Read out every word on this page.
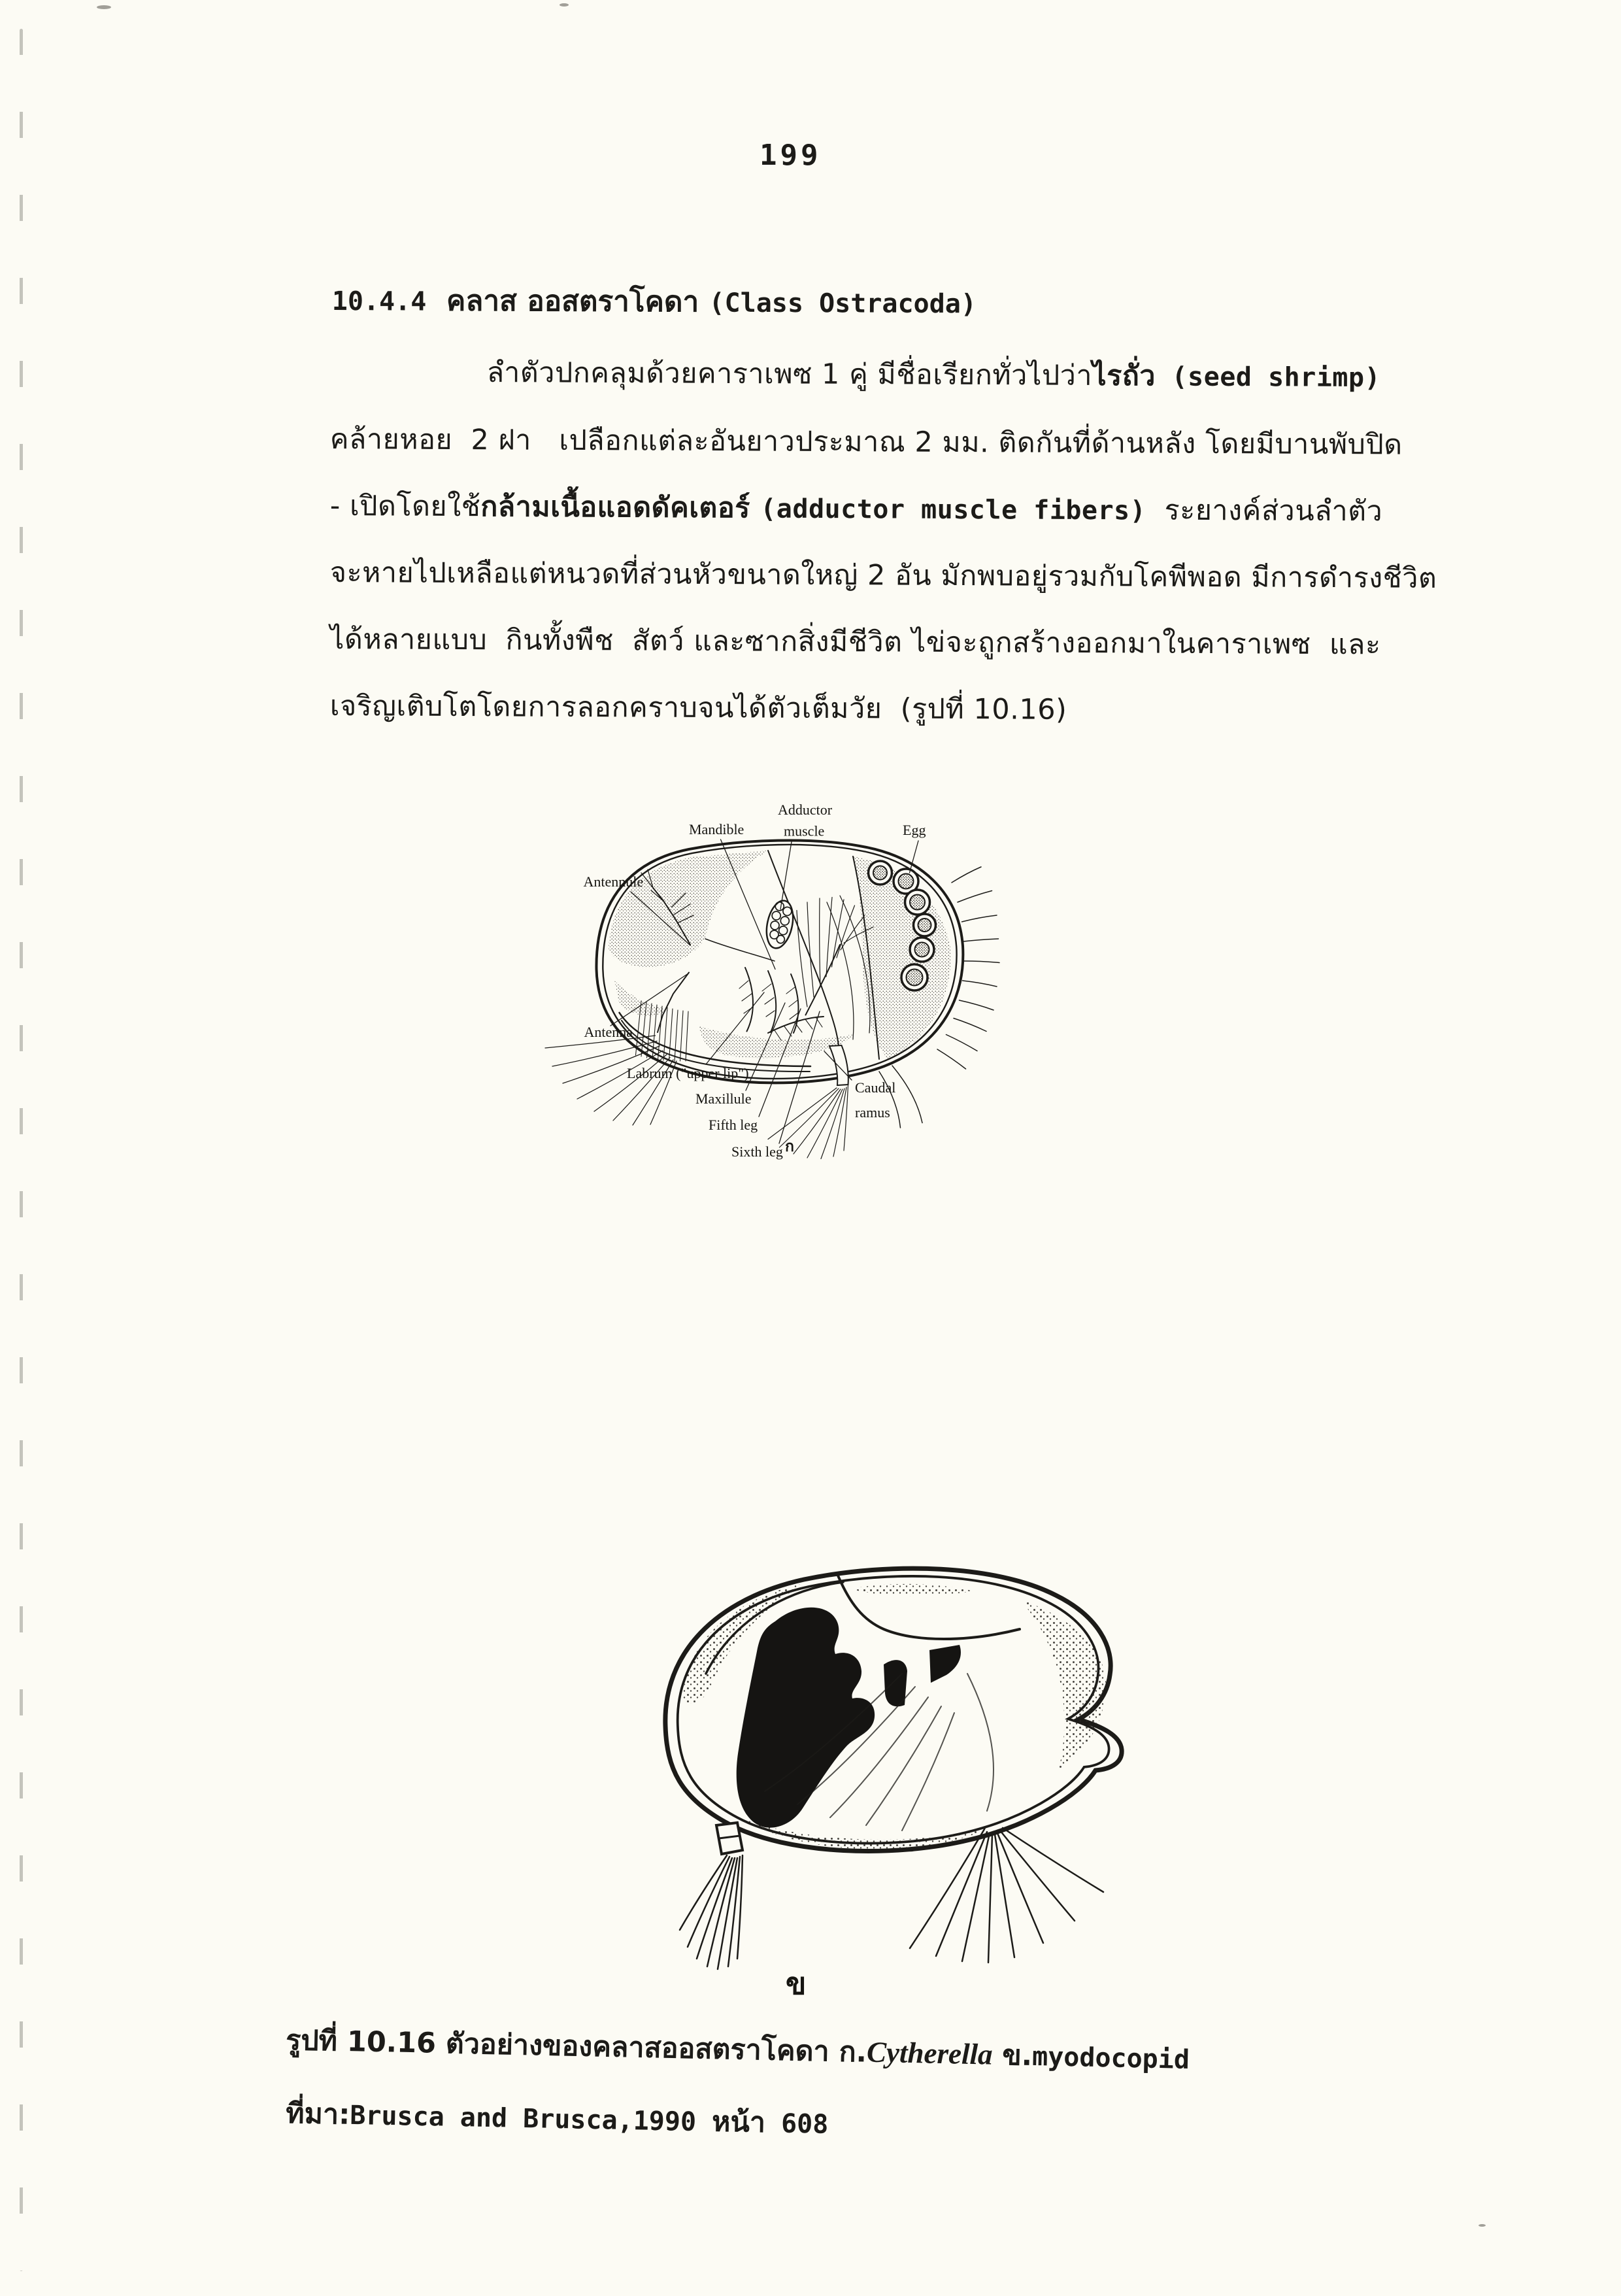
199
10.4.4  คลาส ออสตราโคดา (Class Ostracoda)
ลำตัวปกคลุมด้วยคาราเพซ 1 คู่ มีชื่อเรียกทั่วไปว่าไรถั่ว (seed shrimp)
คล้ายหอย  2 ฝา   เปลือกแต่ละอันยาวประมาณ 2 มม. ติดกันที่ด้านหลัง โดยมีบานพับปิด
- เปิดโดยใช้กล้ามเนื้อแอดดัคเตอร์ (adductor muscle fibers)  ระยางค์ส่วนลำตัว
จะหายไปเหลือแต่หนวดที่ส่วนหัวขนาดใหญ่ 2 อัน มักพบอยู่รวมกับโคพีพอด มีการดำรงชีวิต
ได้หลายแบบ  กินทั้งพืช  สัตว์ และซากสิ่งมีชีวิต ไข่จะถูกสร้างออกมาในคาราเพซ  และ
เจริญเติบโตโดยการลอกคราบจนได้ตัวเต็มวัย  (รูปที่ 10.16)
Antennule
Antenna
Mandible
Adductor
muscle	Egg
Labrum ("upper lip")
Maxillule
Fifth leg
Sixth leg
Caudal
ramus
ก
ข
รูปที่ 10.16 ตัวอย่างของคลาสออสตราโคดา ก.Cytherella ข.myodocopid
ที่มา:Brusca and Brusca,1990 หน้า 608
